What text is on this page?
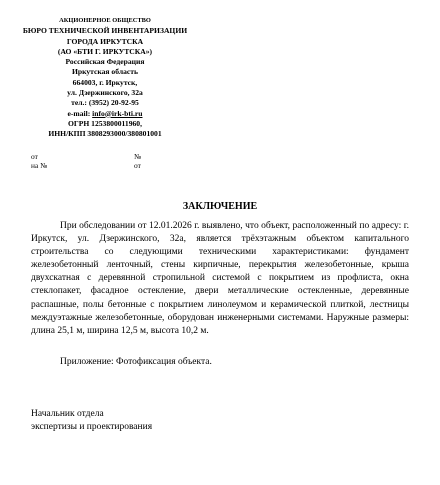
АКЦИОНЕРНОЕ ОБЩЕСТВО
БЮРО ТЕХНИЧЕСКОЙ ИНВЕНТАРИЗАЦИИ
ГОРОДА ИРКУТСКА
(АО «БТИ Г. ИРКУТСКА»)
Российская Федерация
Иркутская область
664003, г. Иркутск,
ул. Дзержинского, 32а
тел.: (3952) 20-92-95
e-mail: info@irk-bti.ru
ОГРН 1253800011960,
ИНН/КПП 3808293000/380801001
от	№
на №	от
ЗАКЛЮЧЕНИЕ
При обследовании от 12.01.2026 г. выявлено, что объект, расположенный по адресу: г. Иркутск, ул. Дзержинского, 32а, является трёхэтажным объектом капитального строительства со следующими техническими характеристиками: фундамент железобетонный ленточный, стены кирпичные, перекрытия железобетонные, крыша двухскатная с деревянной стропильной системой с покрытием из профлиста, окна стеклопакет, фасадное остекление, двери металлические остекленные, деревянные распашные, полы бетонные с покрытием линолеумом и керамической плиткой, лестницы междуэтажные железобетонные, оборудован инженерными системами. Наружные размеры: длина 25,1 м, ширина 12,5 м, высота 10,2 м.
Приложение: Фотофиксация объекта.
Начальник отдела
экспертизы и проектирования
